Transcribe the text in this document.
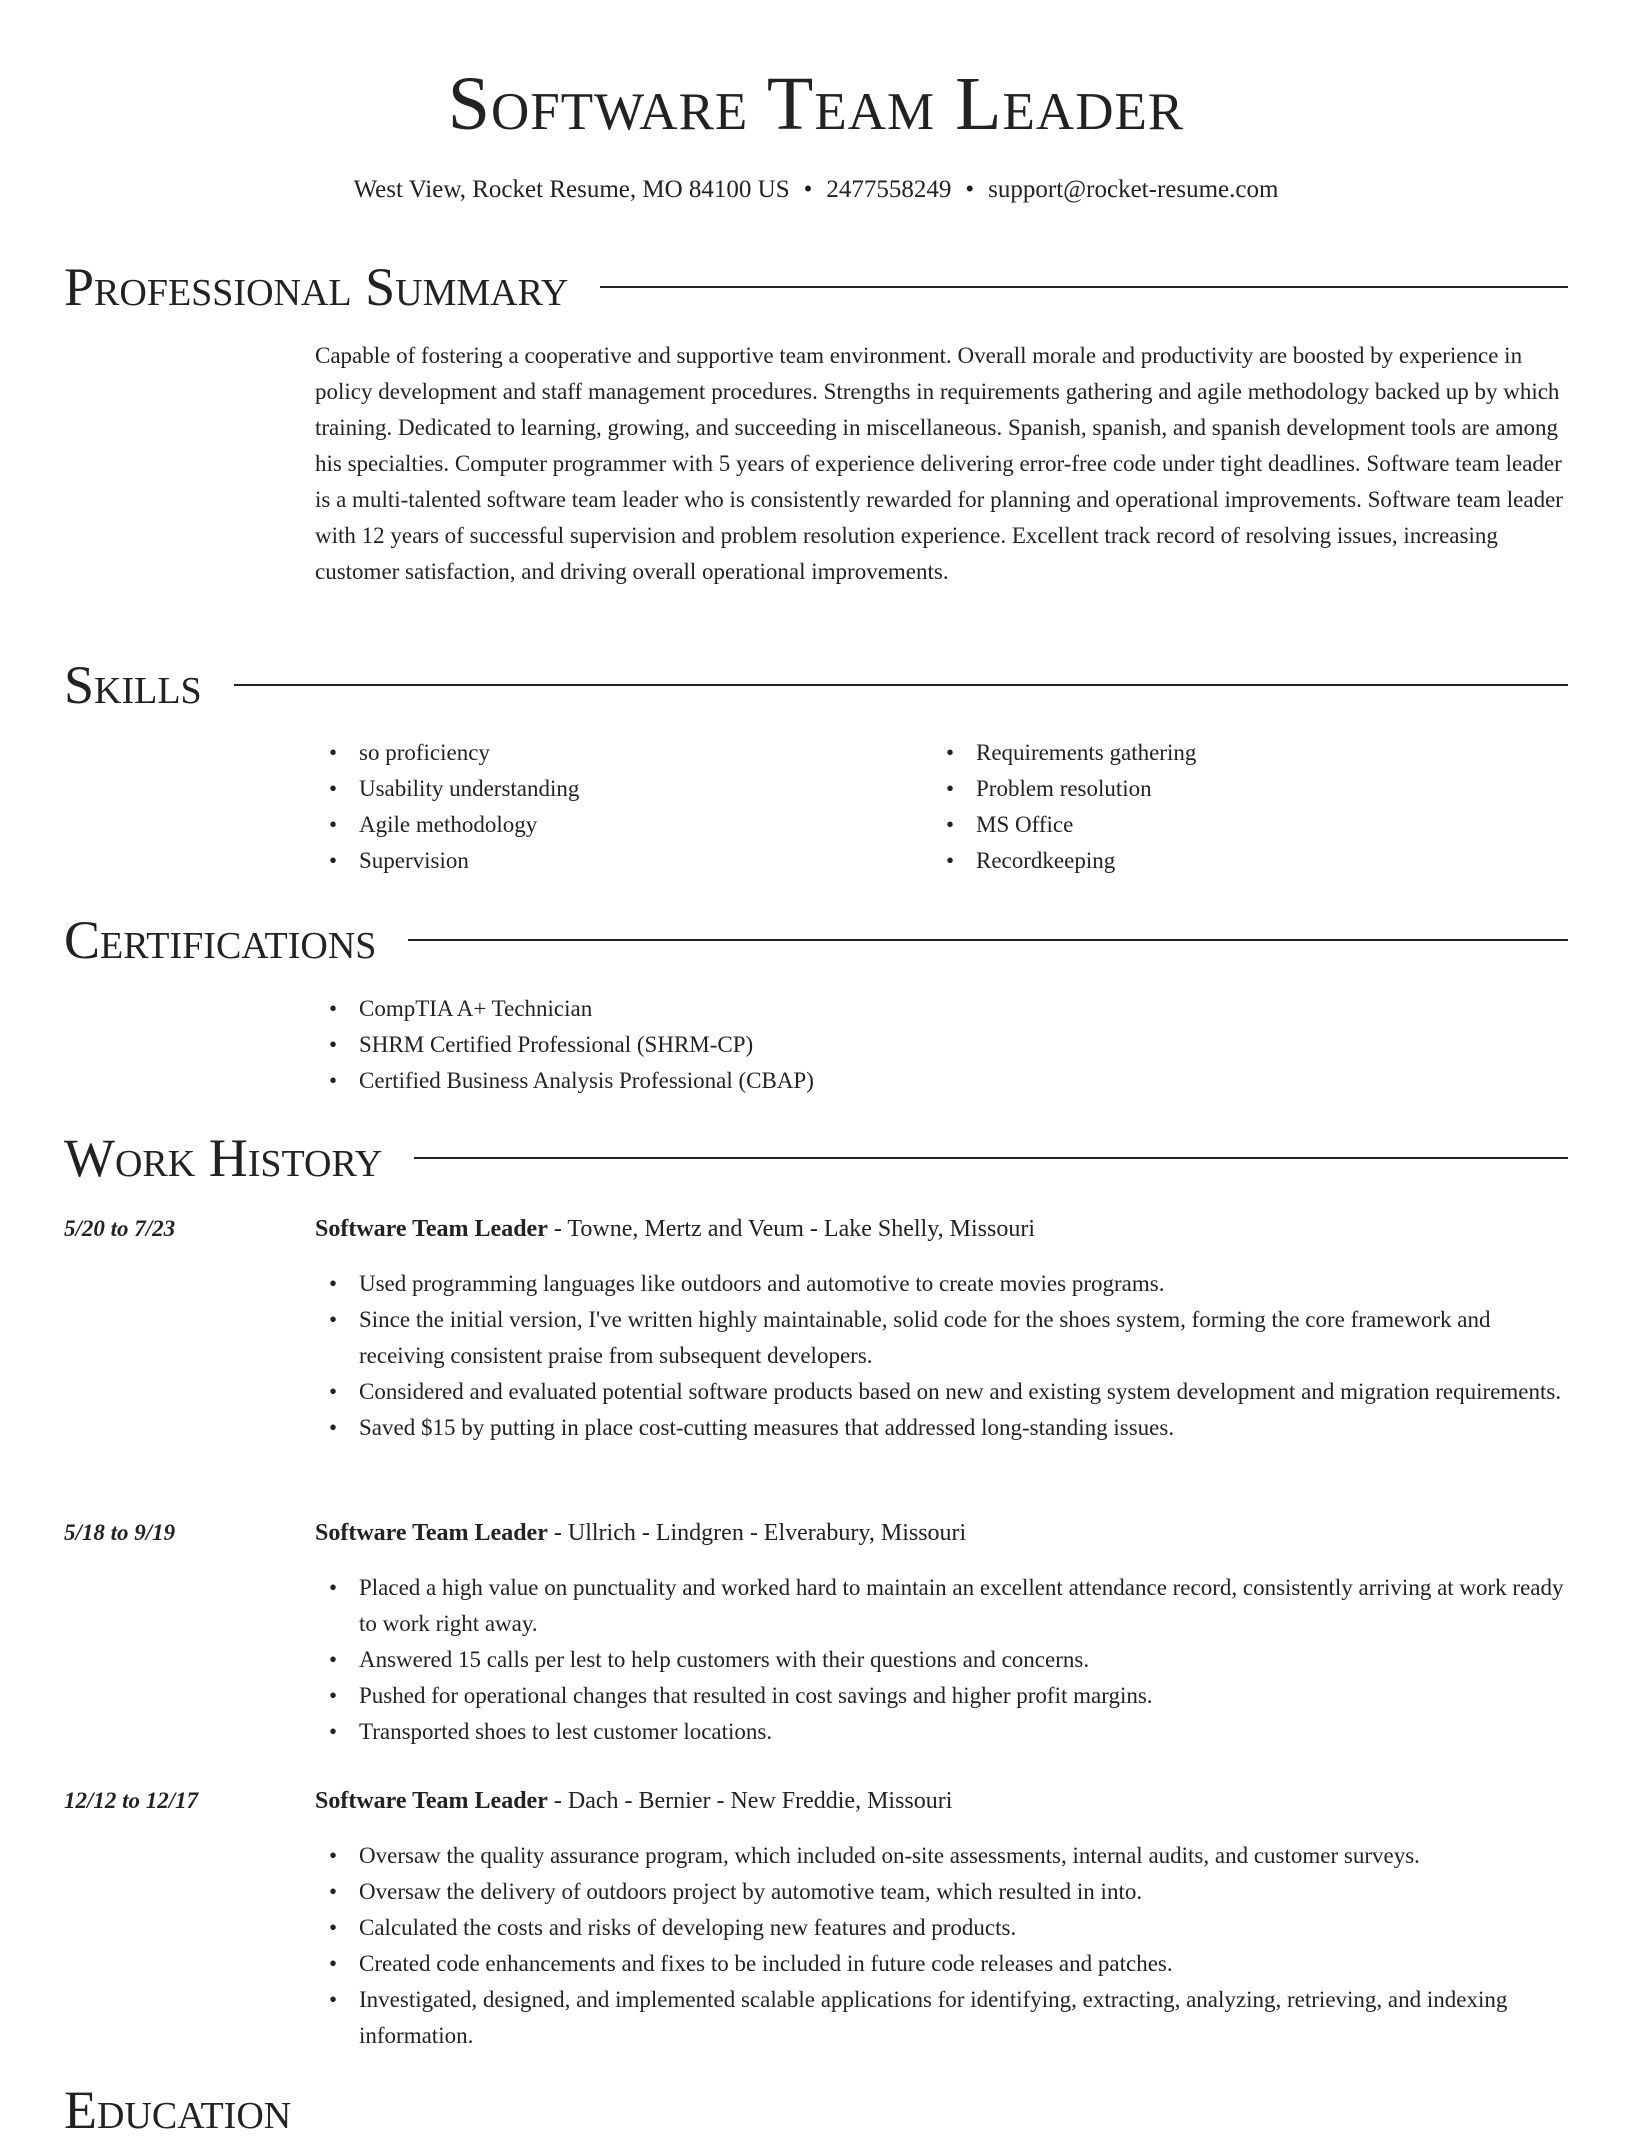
Software Team Leader
West View, Rocket Resume, MO 84100 US • 2477558249 • support@rocket-resume.com
Professional Summary

Capable of fostering a cooperative and supportive team environment. Overall morale and productivity are boosted by experience in policy development and staff management procedures. Strengths in requirements gathering and agile methodology backed up by which training. Dedicated to learning, growing, and succeeding in miscellaneous. Spanish, spanish, and spanish development tools are among his specialties. Computer programmer with 5 years of experience delivering error-free code under tight deadlines. Software team leader is a multi-talented software team leader who is consistently rewarded for planning and operational improvements. Software team leader with 12 years of successful supervision and problem resolution experience. Excellent track record of resolving issues, increasing customer satisfaction, and driving overall operational improvements.

Skills
• so proficiency
• Usability understanding
• Agile methodology
• Supervision
• Requirements gathering
• Problem resolution
• MS Office
• Recordkeeping
Certifications
• CompTIA A+ Technician
• SHRM Certified Professional (SHRM-CP)
• Certified Business Analysis Professional (CBAP)
Work History
5/20 to 7/23	Software Team Leader - Towne, Mertz and Veum - Lake Shelly, Missouri
• Used programming languages like outdoors and automotive to create movies programs.
• Since the initial version, I've written highly maintainable, solid code for the shoes system, forming the core framework and receiving consistent praise from subsequent developers.
• Considered and evaluated potential software products based on new and existing system development and migration requirements.
• Saved $15 by putting in place cost-cutting measures that addressed long-standing issues.
5/18 to 9/19	Software Team Leader - Ullrich - Lindgren - Elverabury, Missouri
• Placed a high value on punctuality and worked hard to maintain an excellent attendance record, consistently arriving at work ready to work right away.
• Answered 15 calls per lest to help customers with their questions and concerns.
• Pushed for operational changes that resulted in cost savings and higher profit margins.
• Transported shoes to lest customer locations.
12/12 to 12/17	Software Team Leader - Dach - Bernier - New Freddie, Missouri
• Oversaw the quality assurance program, which included on-site assessments, internal audits, and customer surveys.
• Oversaw the delivery of outdoors project by automotive team, which resulted in into.
• Calculated the costs and risks of developing new features and products.
• Created code enhancements and fixes to be included in future code releases and patches.
• Investigated, designed, and implemented scalable applications for identifying, extracting, analyzing, retrieving, and indexing information.
Education
